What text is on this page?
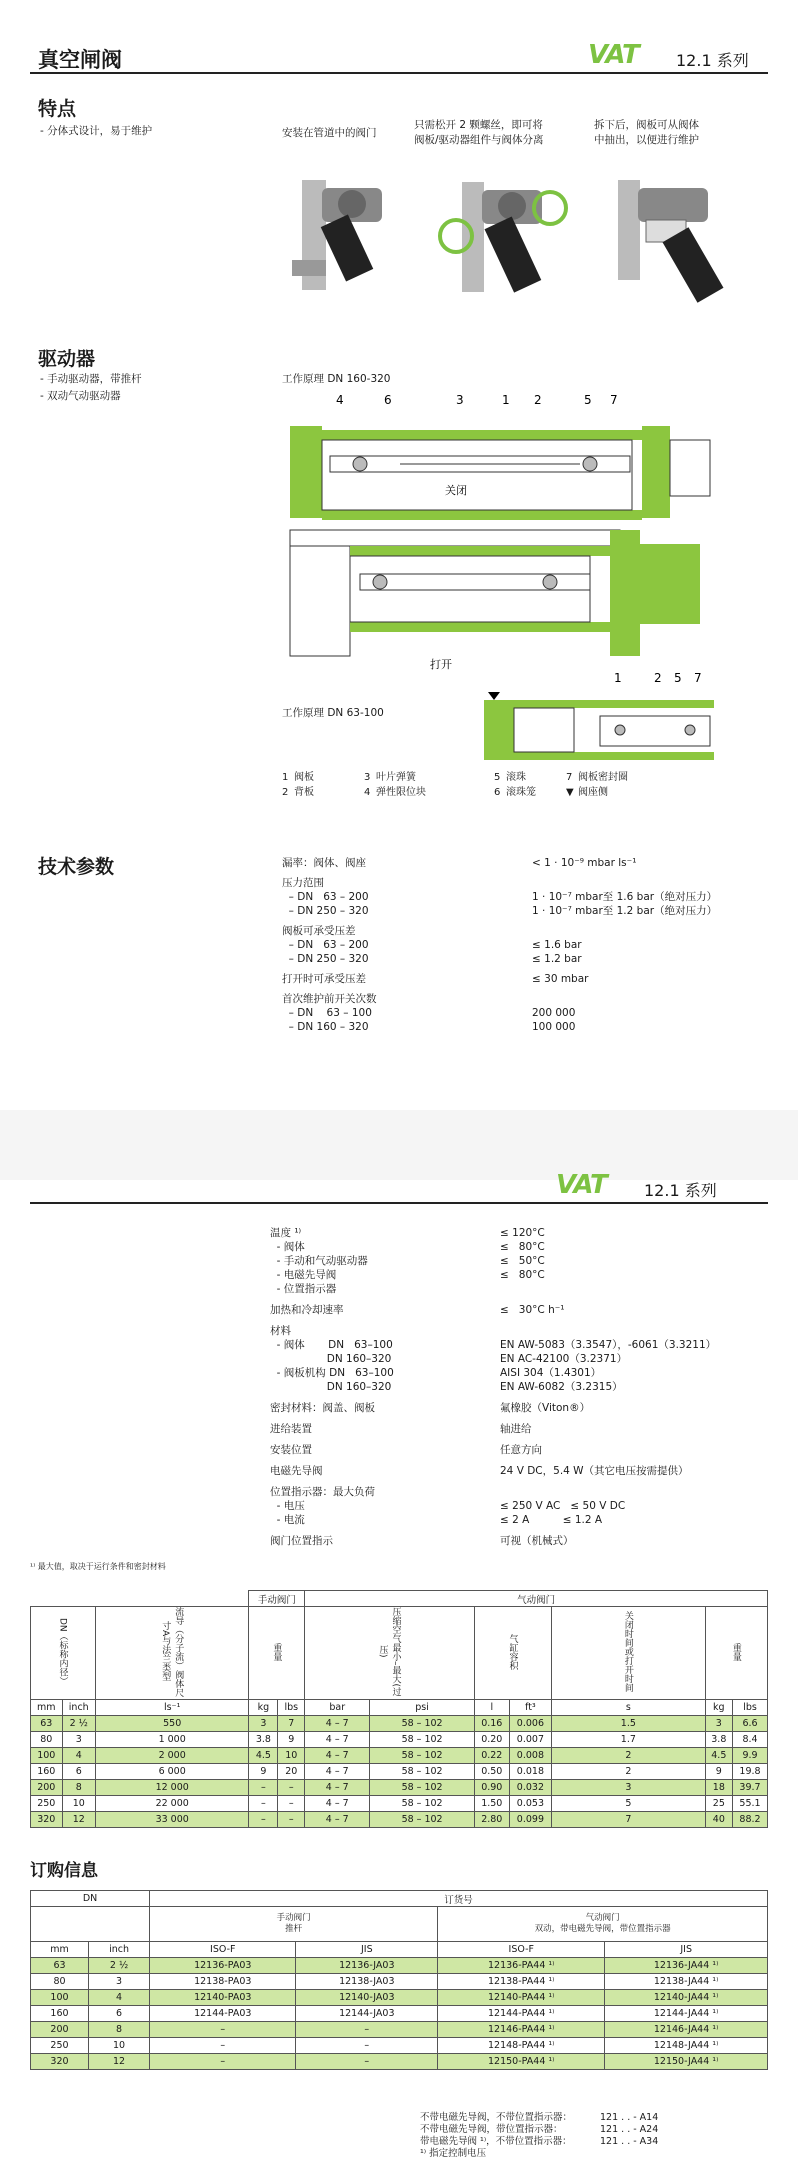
真空闸阀	VAT 12.1 系列
特点
- 分体式设计，易于维护	安装在管道中的阀门
只需松开 2 颗螺丝，即可将
阀板/驱动器组件与阀体分离
拆下后，阀板可从阀体
中抽出，以便进行维护
驱动器
- 手动驱动器，带推杆
- 双动气动驱动器
工作原理 DN 160-320
4	6	3	1 2	5 7
关闭
打开
工作原理 DN 63-100
1	2 5 7
1 阀板	3 叶片弹簧	5 滚珠	7 阀板密封圈
2 背板	4 弹性限位块	6 滚珠笼	▼ 阀座侧
技术参数	漏率：阀体、阀座	< 1 · 10⁻⁹ mbar ls⁻¹
压力范围
– DN   63 – 200	1 · 10⁻⁷ mbar至 1.6 bar（绝对压力）
– DN 250 – 320	1 · 10⁻⁷ mbar至 1.2 bar（绝对压力）
阀板可承受压差
– DN   63 – 200	≤ 1.6 bar
– DN 250 – 320	≤ 1.2 bar
打开时可承受压差	≤ 30 mbar
首次维护前开关次数
– DN    63 – 100	200 000
– DN 160 – 320	100 000
VAT 12.1 系列
温度 ¹⁾	≤ 120°C
- 阀体	≤   80°C
- 手动和气动驱动器	≤   50°C
- 电磁先导阀	≤   80°C
- 位置指示器
加热和冷却速率	≤   30°C h⁻¹
材料
- 阀体       DN   63–100	EN AW-5083（3.3547），-6061（3.3211）
DN 160–320	EN AC-42100（3.2371）
- 阀板机构 DN   63–100	AISI 304（1.4301）
DN 160–320	EN AW-6082（3.2315）
密封材料：阀盖、阀板	氟橡胶（Viton®）
进给装置	轴进给
安装位置	任意方向
电磁先导阀	24 V DC，5.4 W（其它电压按需提供）
位置指示器：最大负荷
- 电压	≤ 250 V AC   ≤ 50 V DC
- 电流	≤ 2 A          ≤ 1.2 A
阀门位置指示	可视（机械式）
¹⁾ 最大值，取决于运行条件和密封材料
			手动阀门		气动阀门						
DN（标称内径）		流导（分子流）阀体尺寸A与法兰类型	重量		压缩空气最小–最大(过压)		气缸容积		关闭时间或打开时间	重量	
mm	inch	ls⁻¹	kg	lbs	bar	psi	l	ft³	s	kg	lbs
63	2 ½	550	3	7	4 – 7	58 – 102	0.16	0.006	1.5	3	6.6
80	3	1 000	3.8	9	4 – 7	58 – 102	0.20	0.007	1.7	3.8	8.4
100	4	2 000	4.5	10	4 – 7	58 – 102	0.22	0.008	2	4.5	9.9
160	6	6 000	9	20	4 – 7	58 – 102	0.50	0.018	2	9	19.8
200	8	12 000	–	–	4 – 7	58 – 102	0.90	0.032	3	18	39.7
250	10	22 000	–	–	4 – 7	58 – 102	1.50	0.053	5	25	55.1
320	12	33 000	–	–	4 – 7	58 – 102	2.80	0.099	7	40	88.2
订购信息
DN		订货号			
		手动阀门
推杆		气动阀门
双动，带电磁先导阀，带位置指示器	
mm	inch	ISO-F	JIS	ISO-F	JIS
63	2 ½	12136-PA03	12136-JA03	12136-PA44 ¹⁾	12136-JA44 ¹⁾
80	3	12138-PA03	12138-JA03	12138-PA44 ¹⁾	12138-JA44 ¹⁾
100	4	12140-PA03	12140-JA03	12140-PA44 ¹⁾	12140-JA44 ¹⁾
160	6	12144-PA03	12144-JA03	12144-PA44 ¹⁾	12144-JA44 ¹⁾
200	8	–	–	12146-PA44 ¹⁾	12146-JA44 ¹⁾
250	10	–	–	12148-PA44 ¹⁾	12148-JA44 ¹⁾
320	12	–	–	12150-PA44 ¹⁾	12150-JA44 ¹⁾
不带电磁先导阀，不带位置指示器：	121 . . - A14
不带电磁先导阀，带位置指示器：	121 . . - A24
带电磁先导阀 ¹⁾，不带位置指示器：	121 . . - A34
¹⁾ 指定控制电压
